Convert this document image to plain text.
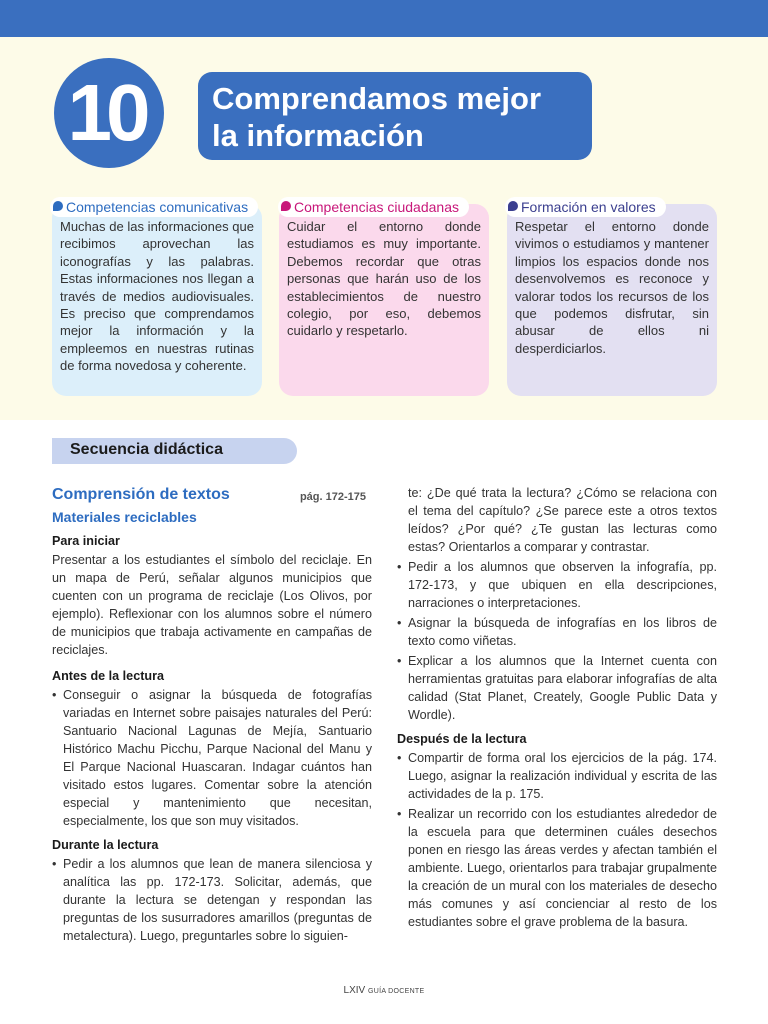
10	Comprendamos mejor
la información

Muchas de las informaciones que recibimos aprovechan las iconografías y las palabras. Estas informaciones nos llegan a través de medios audiovisuales. Es preciso que comprendamos mejor la información y la empleemos en nuestras rutinas de forma novedosa y coherente.

Cuidar el entorno donde estudiamos es muy importante. Debemos recordar que otras personas que harán uso de los establecimientos de nuestro colegio, por eso, debemos cuidarlo y respetarlo.

Respetar el entorno donde vivimos o estudiamos y mantener limpios los espacios donde nos desenvolvemos es reconoce y valorar todos los recursos de los que podemos disfrutar, sin abusar de ellos ni desperdiciarlos.

Competencias comunicativas	Competencias ciudadanas	Formación en valores
Secuencia didáctica
Comprensión de textos	pág. 172-175
Materiales reciclables
Para iniciar

Presentar a los estudiantes el símbolo del reciclaje. En un mapa de Perú, señalar algunos municipios que cuenten con un programa de reciclaje (Los Olivos, por ejemplo). Reflexionar con los alumnos sobre el número de municipios que trabaja activamente en campañas de reciclajes.

Antes de la lectura
• Conseguir o asignar la búsqueda de fotografías variadas en Internet sobre paisajes naturales del Perú: Santuario Nacional Lagunas de Mejía, Santuario Histórico Machu Picchu, Parque Nacional del Manu y El Parque Nacional Huascaran. Indagar cuántos han visitado estos lugares. Comentar sobre la atención especial y mantenimiento que necesitan, especialmente, los que son muy visitados.
Durante la lectura
• Pedir a los alumnos que lean de manera silenciosa y analítica las pp. 172-173. Solicitar, además, que durante la lectura se detengan y respondan las preguntas de los susurradores amarillos (preguntas de metalectura). Luego, preguntarles sobre lo siguien-

te: ¿De qué trata la lectura? ¿Cómo se relaciona con el tema del capítulo? ¿Se parece este a otros textos leídos? ¿Por qué? ¿Te gustan las lecturas como estas? Orientarlos a comparar y contrastar.

• Pedir a los alumnos que observen la infografía, pp. 172-173, y que ubiquen en ella descripciones, narraciones o interpretaciones.
• Asignar la búsqueda de infografías en los libros de texto como viñetas.
• Explicar a los alumnos que la Internet cuenta con herramientas gratuitas para elaborar infografías de alta calidad (Stat Planet, Creately, Google Public Data y Wordle).
Después de la lectura
• Compartir de forma oral los ejercicios de la pág. 174. Luego, asignar la realización individual y escrita de las actividades de la p. 175.
• Realizar un recorrido con los estudiantes alrededor de la escuela para que determinen cuáles desechos ponen en riesgo las áreas verdes y afectan también el ambiente. Luego, orientarlos para trabajar grupalmente la creación de un mural con los materiales de desecho más comunes y así concienciar al resto de los estudiantes sobre el grave problema de la basura.
LXIV GUÍA DOCENTE
